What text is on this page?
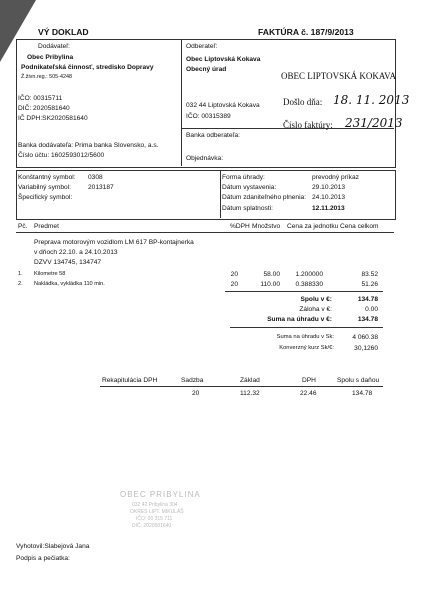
VÝ DOKLAD	FAKTÚRA č. 187/9/2013
Dodávateľ:
Obec Pribylina
Podnikateľská činnosť, stredisko Dopravy
Ž.živn.reg.: 505-4248
IČO: 00315711
DIČ: 2020581640
IČ DPH:SK2020581640
Banka dodávateľa: Prima banka Slovensko, a.s.
Číslo účtu: 1602593012/5600
Odberateľ:
Obec Liptovská Kokava
Obecný úrad
032 44 Liptovská Kokava
IČO: 00315389
Banka odberateľa:
Objednávka:
OBEC LIPTOVSKÁ KOKAVA
Došlo dňa: 18. 11. 2013
Číslo faktúry: 231/2013
Konštantný symbol: 0308
Variabilný symbol:	2013187
Špecifický symbol:
Forma úhrady:	prevodný príkaz
Dátum vystavenia:	29.10.2013
Dátum zdaniteľného plnenia: 24.10.2013
Dátum splatnosti:	12.11.2013
Pč. Predmet	%DPH Množstvo Cena za jednotku Cena celkom
Preprava motorovým vozidlom LM 617 BP-kontajnerka
v dňoch 22.10. a 24.10.2013
DZVV 134745, 134747
1. Kilometre 58	20	58.00	1.200000	83.52
2. Nakládka, vykládka 110 min.	20	110.00	0.388330	51.26
Spolu v €:	134.78
Záloha v €:	0.00
Suma na úhradu v €:	134.78
Suma na úhradu v Sk:	4 060.38
Konverzný kurz Sk/€:	30,1260
Rekapitulácia DPH	Sadzba	Základ	DPH	Spolu s daňou
20	112.32	22.46	134.78
OBEC PRIBYLINA
032 42 Pribylina 304
OKRES LIPT. MIKULÁŠ
IČO: 00 315 711
DIČ: 2020581640
Vyhotovil:Slabejová Jana
Podpis a pečiatka:
